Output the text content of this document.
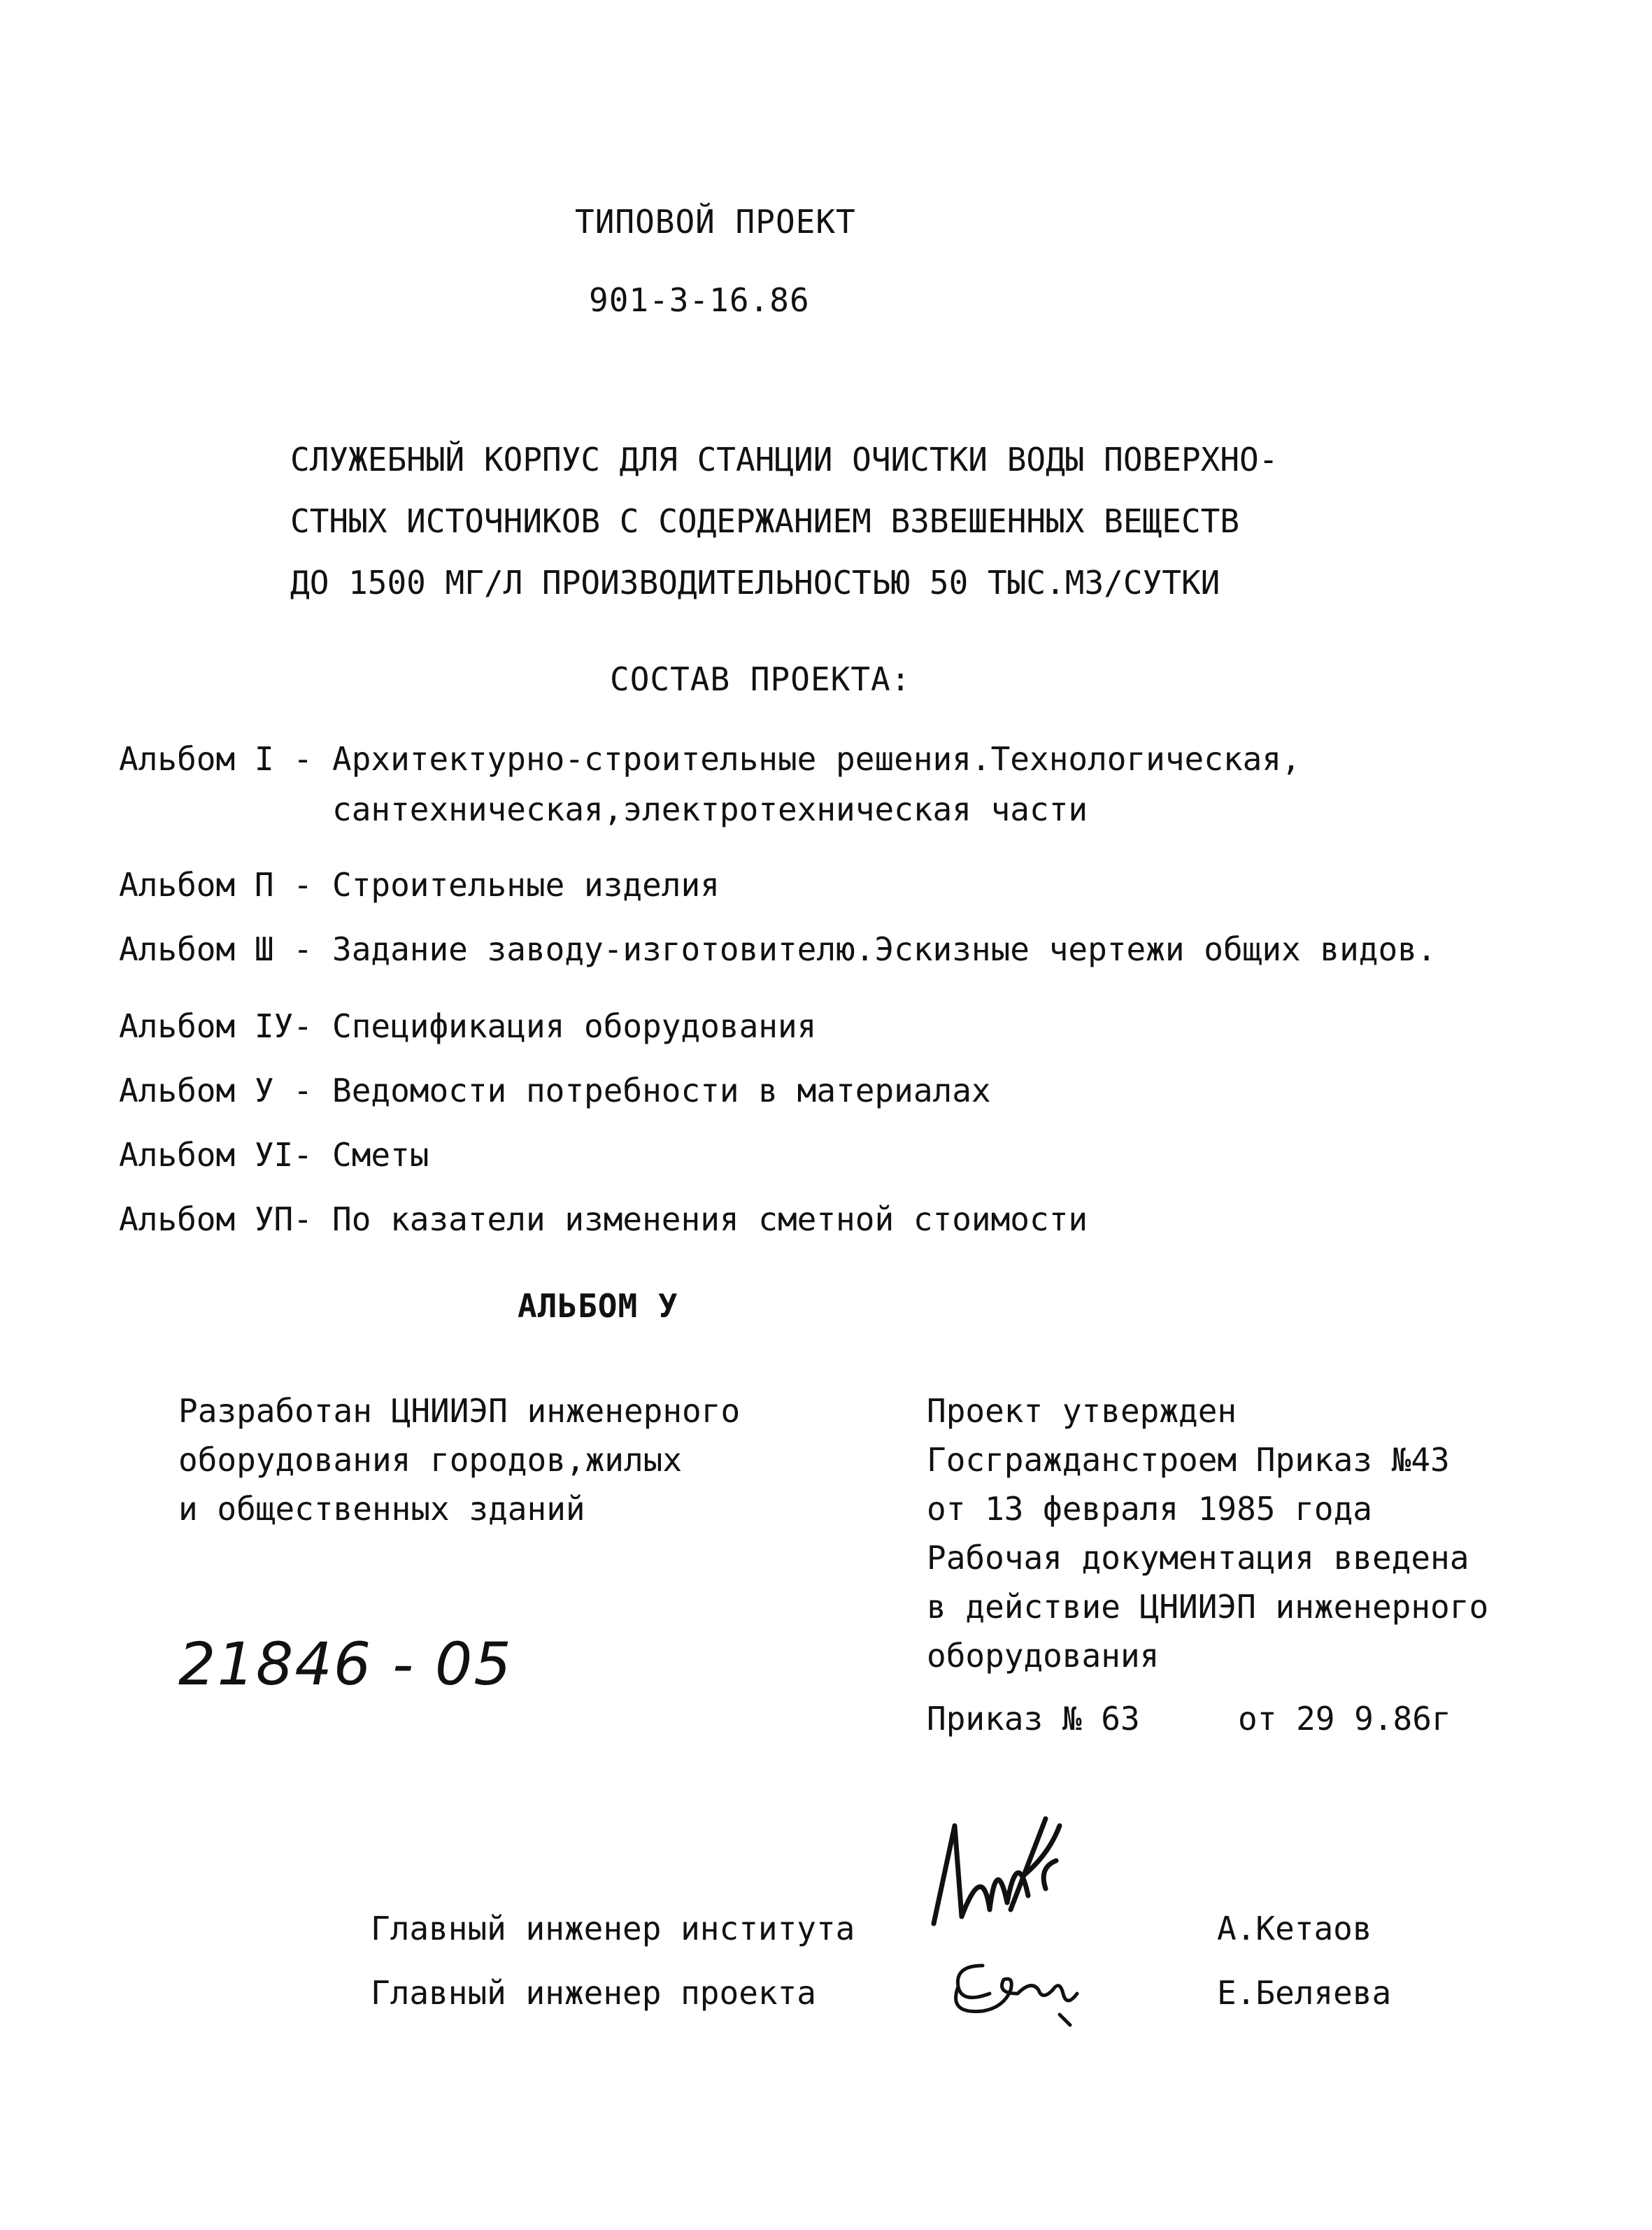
ТИПОВОЙ ПРОЕКТ
901-3-16.86
СЛУЖЕБНЫЙ КОРПУС ДЛЯ СТАНЦИИ ОЧИСТКИ ВОДЫ ПОВЕРХНО-
СТНЫХ ИСТОЧНИКОВ С СОДЕРЖАНИЕМ ВЗВЕШЕННЫХ ВЕЩЕСТВ
ДО 1500 МГ/Л ПРОИЗВОДИТЕЛЬНОСТЬЮ 50 ТЫС.М3/СУТКИ
СОСТАВ ПРОЕКТА:
Альбом I - Архитектурно-строительные решения.Технологическая,
сантехническая,электротехническая части
Альбом П - Строительные изделия
Альбом Ш - Задание заводу-изготовителю.Эскизные чертежи общих видов.
Альбом IУ- Спецификация оборудования
Альбом У - Ведомости потребности в материалах
Альбом УI- Сметы
Альбом УП- По казатели изменения сметной стоимости
АЛЬБОМ У
Разработан ЦНИИЭП инженерного
оборудования городов,жилых
и общественных зданий
21846 - 05
Проект утвержден
Госгражданстроем Приказ №43
от 13 февраля 1985 года
Рабочая документация введена
в действие ЦНИИЭП инженерного
оборудования
Приказ № 63	от 29 9.86г
Главный инженер института	А.Кетаов
Главный инженер проекта	Е.Беляева
